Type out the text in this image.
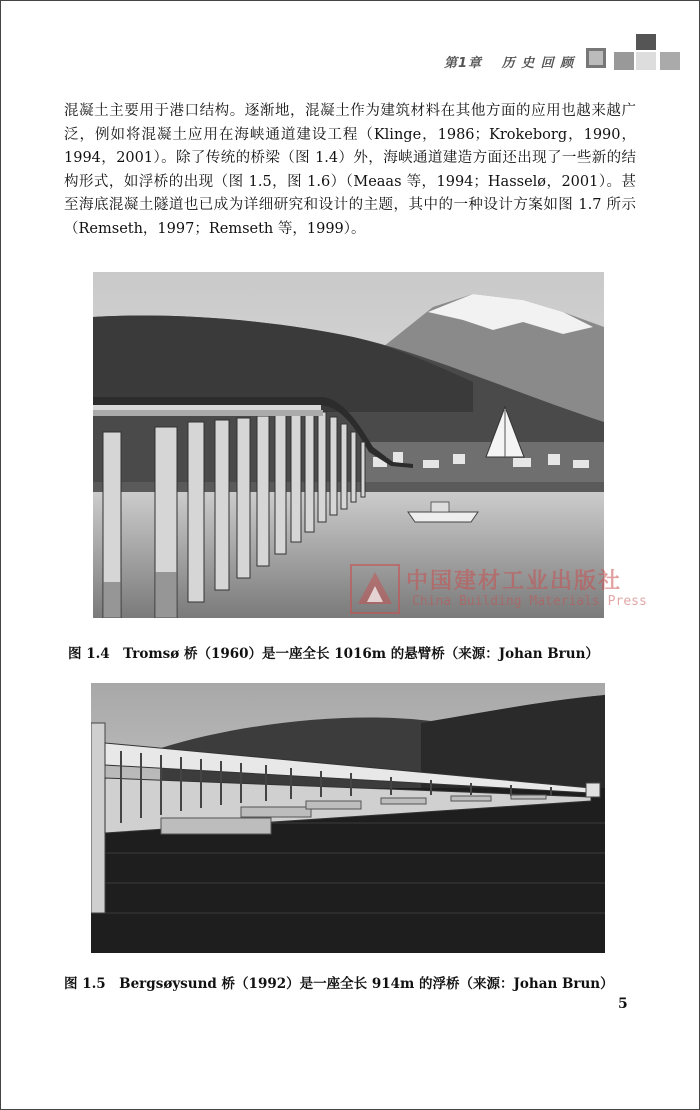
第1章 历 史 回 顾
混凝土主要用于港口结构。逐渐地，混凝土作为建筑材料在其他方面的应用也越来越广泛，例如将混凝土应用在海峡通道建设工程（Klinge，1986；Krokeborg，1990，1994，2001）。除了传统的桥梁（图 1.4）外，海峡通道建造方面还出现了一些新的结构形式，如浮桥的出现（图 1.5，图 1.6）（Meaas 等，1994；Hasselø，2001）。甚至海底混凝土隧道也已成为详细研究和设计的主题，其中的一种设计方案如图 1.7 所示（Remseth，1997；Remseth 等，1999）。
中国建材工业出版社
China Building Materials Press
图 1.4　Tromsø 桥（1960）是一座全长 1016m 的悬臂桥（来源：Johan Brun）
图 1.5　Bergsøysund 桥（1992）是一座全长 914m 的浮桥（来源：Johan Brun）
5
